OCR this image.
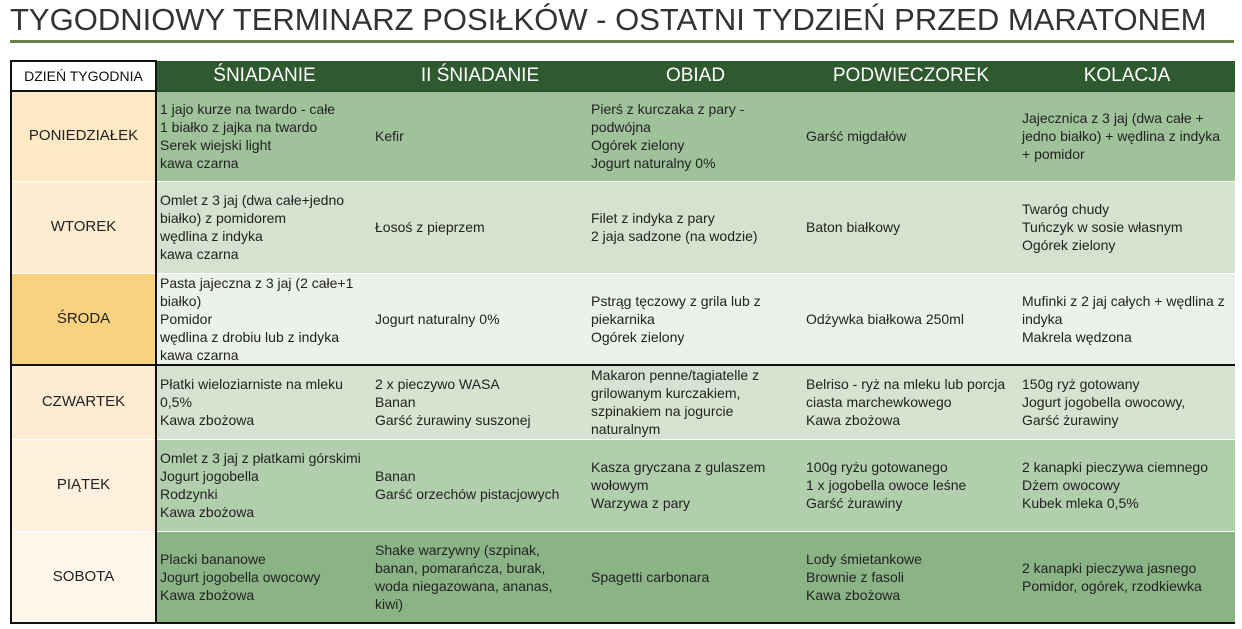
TYGODNIOWY TERMINARZ POSIŁKÓW - OSTATNI TYDZIEŃ PRZED MARATONEM
DZIEŃ TYGODNIA	ŚNIADANIE	II ŚNIADANIE	OBIAD	PODWIECZOREK	KOLACJA
PONIEDZIAŁEK	1 jajo kurze na twardo - całe
1 białko z jajka na twardo
Serek wiejski light
kawa czarna	Kefir	Pierś z kurczaka z pary -
podwójna
Ogórek zielony
Jogurt naturalny 0%	Garść migdałów	Jajecznica z 3 jaj (dwa całe +
jedno białko) + wędlina z indyka
+ pomidor

WTOREK	Omlet z 3 jaj (dwa całe+jedno
białko) z pomidorem
wędlina z indyka
kawa czarna	Łosoś z pieprzem	Filet z indyka z pary
2 jaja sadzone (na wodzie)	Baton białkowy	Twaróg chudy
Tuńczyk w sosie własnym
Ogórek zielony

ŚRODA	Pasta jajeczna z 3 jaj (2 całe+1
białko)
Pomidor
wędlina z drobiu lub z indyka
kawa czarna	Jogurt naturalny 0%	Pstrąg tęczowy z grila lub z
piekarnika
Ogórek zielony	Odżywka białkowa 250ml	Mufinki z 2 jaj całych + wędlina z
indyka
Makrela wędzona

CZWARTEK	Płatki wieloziarniste na mleku
0,5%
Kawa zbożowa	2 x pieczywo WASA
Banan
Garść żurawiny suszonej	Makaron penne/tagiatelle z
grilowanym kurczakiem,
szpinakiem na jogurcie
naturalnym	Belriso - ryż na mleku lub porcja
ciasta marchewkowego
Kawa zbożowa	150g ryż gotowany
Jogurt jogobella owocowy,
Garść żurawiny

PIĄTEK	Omlet z 3 jaj z płatkami górskimi
Jogurt jogobella
Rodzynki
Kawa zbożowa	Banan
Garść orzechów pistacjowych	Kasza gryczana z gulaszem
wołowym
Warzywa z pary	100g ryżu gotowanego
1 x jogobella owoce leśne
Garść żurawiny	2 kanapki pieczywa ciemnego
Dżem owocowy
Kubek mleka 0,5%

SOBOTA	Placki bananowe
Jogurt jogobella owocowy
Kawa zbożowa	Shake warzywny (szpinak,
banan, pomarańcza, burak,
woda niegazowana, ananas,
kiwi)	Spagetti carbonara	Lody śmietankowe
Brownie z fasoli
Kawa zbożowa	2 kanapki pieczywa jasnego
Pomidor, ogórek, rzodkiewka
